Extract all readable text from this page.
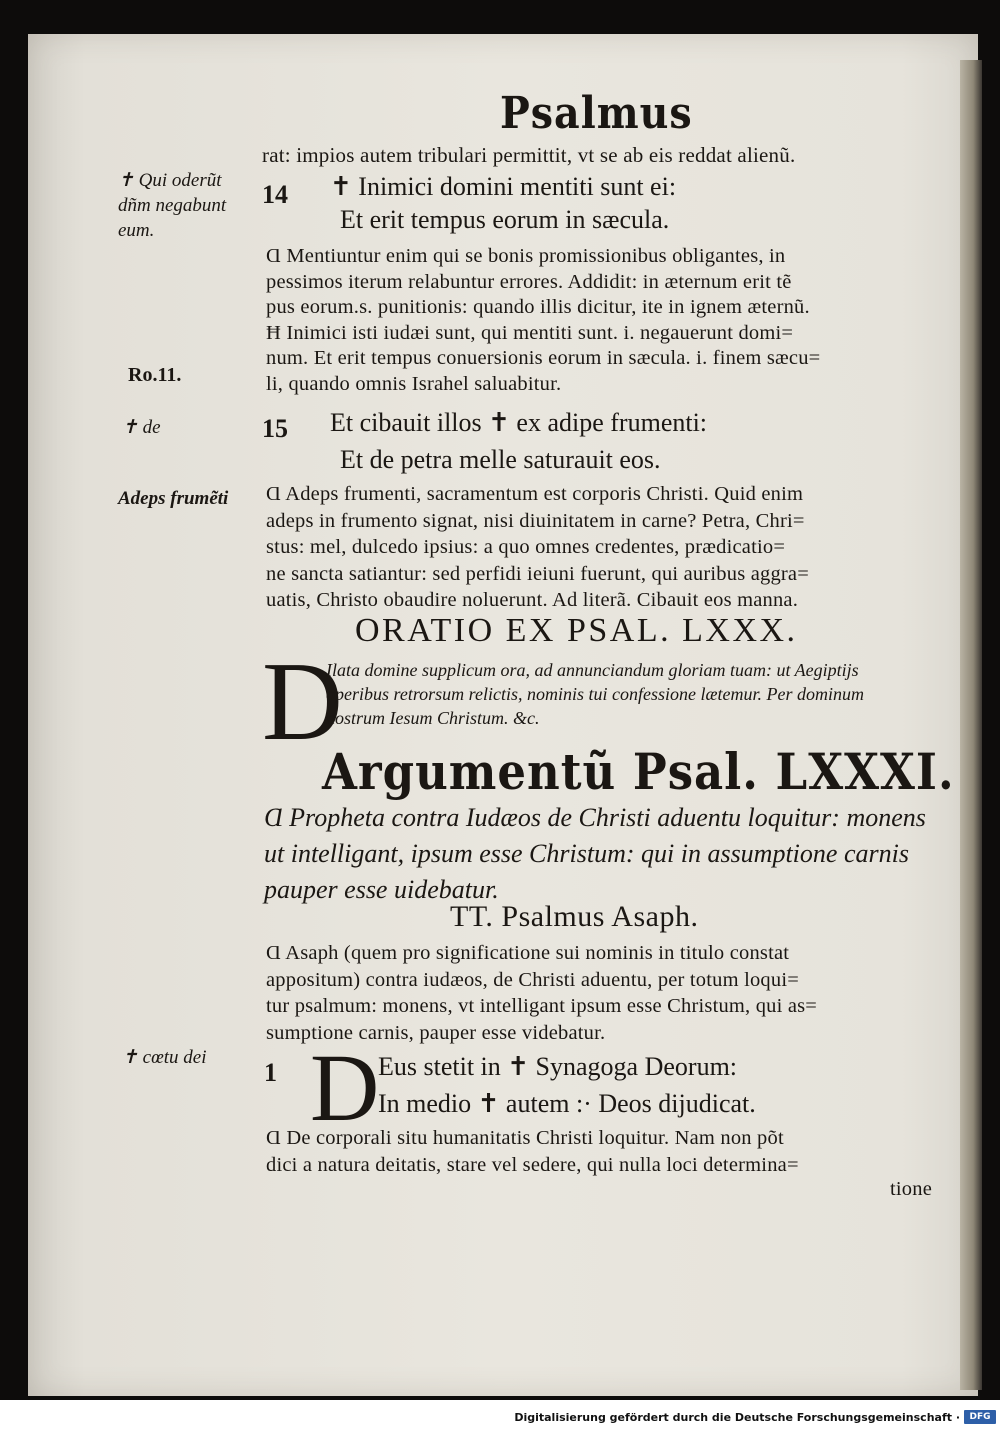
Psalmus
rat: impios autem tribulari permittit, vt se ab eis reddat alienũ.
✝ Qui oderũt
dñm negabunt
eum.
14 ✝ Inimici domini mentiti sunt ei:
Et erit tempus eorum in sæcula.
Ɑ Mentiuntur enim qui se bonis promissionibus obligantes, in
pessimos iterum relabuntur errores. Addidit: in æternum erit tẽ
pus eorum.s. punitionis: quando illis dicitur, ite in ignem æternũ.
Ħ Inimici isti iudæi sunt, qui mentiti sunt. i. negauerunt domi=
num. Et erit tempus conuersionis eorum in sæcula. i. finem sæcu=
li, quando omnis Israhel saluabitur.
Ro.11.
✝ de	15 Et cibauit illos ✝ ex adipe frumenti:
Et de petra melle saturauit eos.
Adeps frumẽti Ɑ Adeps frumenti, sacramentum est corporis Christi. Quid enim
adeps in frumento signat, nisi diuinitatem in carne? Petra, Chri=
stus: mel, dulcedo ipsius: a quo omnes credentes, prædicatio=
ne sancta satiantur: sed perfidi ieiuni fuerunt, qui auribus aggra=
uatis, Christo obaudire noluerunt. Ad literã. Cibauit eos manna.
ORATIO EX PSAL. LXXX.
D
Ilata domine supplicum ora, ad annunciandum gloriam tuam: ut Aegiptijs
operibus retrorsum relictis, nominis tui confessione lætemur. Per dominum
nostrum Iesum Christum. &c.
Argumentũ Psal. LXXXI.
Ɑ Propheta contra Iudæos de Christi aduentu loquitur: monens
ut intelligant, ipsum esse Christum: qui in assumptione carnis
pauper esse uidebatur.
TT. Psalmus Asaph.
Ɑ Asaph (quem pro significatione sui nominis in titulo constat
appositum) contra iudæos, de Christi aduentu, per totum loqui=
tur psalmum: monens, vt intelligant ipsum esse Christum, qui as=
sumptione carnis, pauper esse videbatur.
✝ cœtu dei
1 D
Eus stetit in ✝ Synagoga Deorum:
In medio ✝ autem :· Deos dijudicat.
Ɑ De corporali situ humanitatis Christi loquitur. Nam non põt
dici a natura deitatis, stare vel sedere, qui nulla loci determina=
tione
Digitalisierung gefördert durch die Deutsche Forschungsgemeinschaft ·	DFG
